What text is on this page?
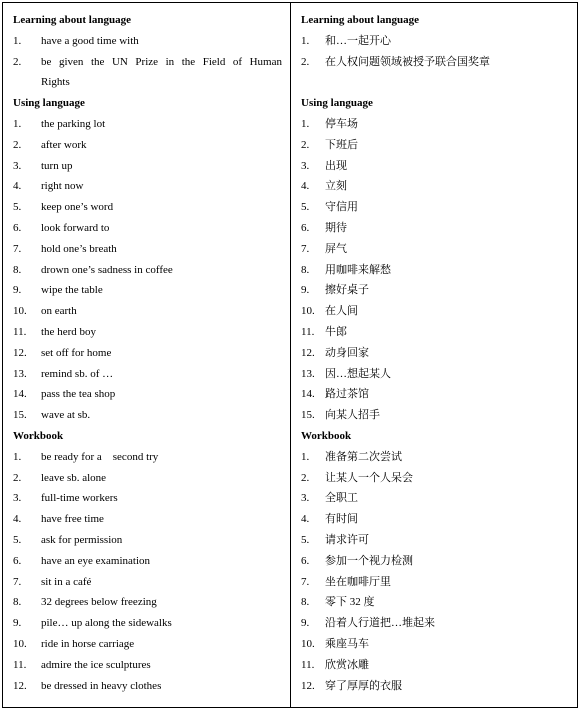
Learning about language
1. have a good time with
2. be given the UN Prize in the Field of Human
Rights
Using language
1. the parking lot
2. after work
3. turn up
4. right now
5. keep one’s word
6. look forward to
7. hold one’s breath
8. drown one’s sadness in coffee
9. wipe the table
10. on earth
11. the herd boy
12. set off for home
13. remind sb. of …
14. pass the tea shop
15. wave at sb.
Workbook
1. be ready for a    second try
2. leave sb. alone
3. full-time workers
4. have free time
5. ask for permission
6. have an eye examination
7. sit in a café
8. 32 degrees below freezing
9. pile… up along the sidewalks
10. ride in horse carriage
11. admire the ice sculptures
12. be dressed in heavy clothes
Learning about language
1. 和…一起开心
2. 在人权问题领域被授予联合国奖章
Using language
1. 停车场
2. 下班后
3. 出现
4. 立刻
5. 守信用
6. 期待
7. 屏气
8. 用咖啡来解愁
9. 擦好桌子
10. 在人间
11. 牛郎
12. 动身回家
13. 因…想起某人
14. 路过茶馆
15. 向某人招手
Workbook
1. 准备第二次尝试
2. 让某人一个人呆会
3. 全职工
4. 有时间
5. 请求许可
6. 参加一个视力检测
7. 坐在咖啡厅里
8. 零下 32 度
9. 沿着人行道把…堆起来
10. 乘座马车
11. 欣赏冰雕
12. 穿了厚厚的衣服
